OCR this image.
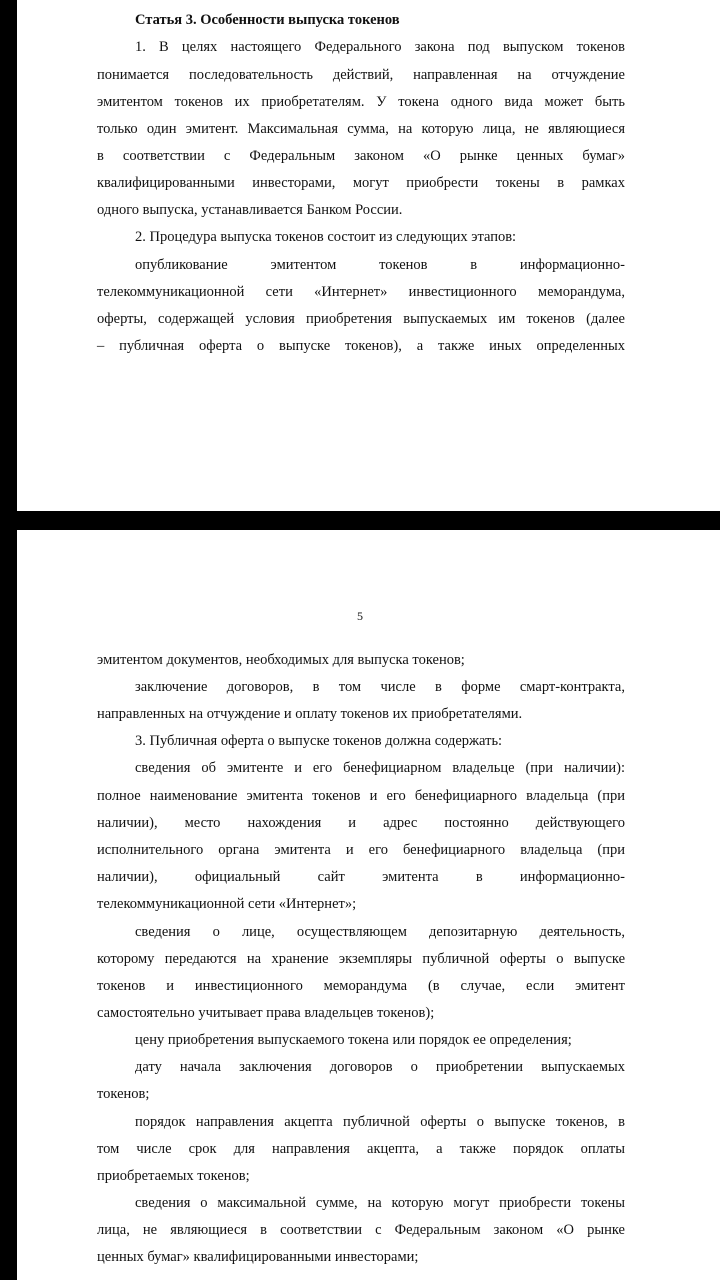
Статья 3. Особенности выпуска токенов
1. В целях настоящего Федерального закона под выпуском токенов
понимается последовательность действий, направленная на отчуждение
эмитентом токенов их приобретателям. У токена одного вида может быть
только один эмитент. Максимальная сумма, на которую лица, не являющиеся
в соответствии с Федеральным законом «О рынке ценных бумаг»
квалифицированными инвесторами, могут приобрести токены в рамках
одного выпуска, устанавливается Банком России.
2. Процедура выпуска токенов состоит из следующих этапов:
опубликование эмитентом токенов в информационно-
телекоммуникационной сети «Интернет» инвестиционного меморандума,
оферты, содержащей условия приобретения выпускаемых им токенов (далее
– публичная оферта о выпуске токенов), а также иных определенных
5
эмитентом документов, необходимых для выпуска токенов;
заключение договоров, в том числе в форме смарт-контракта,
направленных на отчуждение и оплату токенов их приобретателями.
3. Публичная оферта о выпуске токенов должна содержать:
сведения об эмитенте и его бенефициарном владельце (при наличии):
полное наименование эмитента токенов и его бенефициарного владельца (при
наличии), место нахождения и адрес постоянно действующего
исполнительного органа эмитента и его бенефициарного владельца (при
наличии), официальный сайт эмитента в информационно-
телекоммуникационной сети «Интернет»;
сведения о лице, осуществляющем депозитарную деятельность,
которому передаются на хранение экземпляры публичной оферты о выпуске
токенов и инвестиционного меморандума (в случае, если эмитент
самостоятельно учитывает права владельцев токенов);
цену приобретения выпускаемого токена или порядок ее определения;
дату начала заключения договоров о приобретении выпускаемых
токенов;
порядок направления акцепта публичной оферты о выпуске токенов, в
том числе срок для направления акцепта, а также порядок оплаты
приобретаемых токенов;
сведения о максимальной сумме, на которую могут приобрести токены
лица, не являющиеся в соответствии с Федеральным законом «О рынке
ценных бумаг» квалифицированными инвесторами;
